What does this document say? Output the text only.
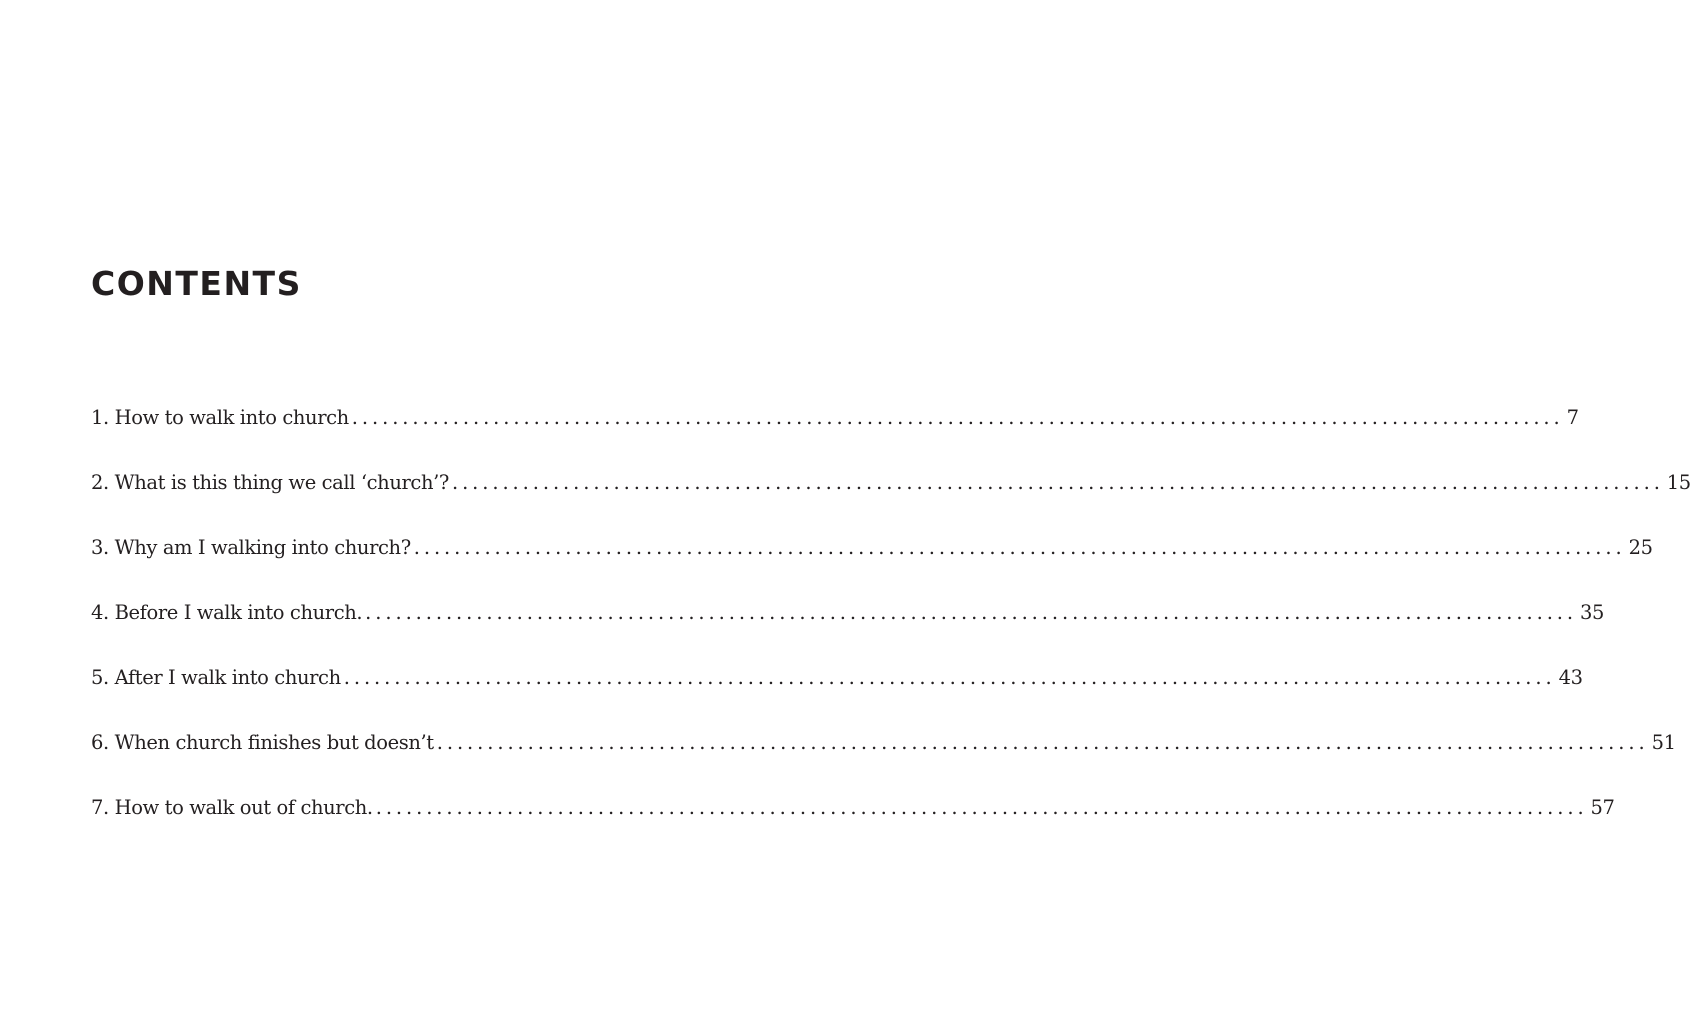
CONTENTS
1. How to walk into church ........................................................................................................................ 7
2. What is this thing we call ‘church’? ........................................................................................................................ 15
3. Why am I walking into church? ........................................................................................................................ 25
4. Before I walk into church. ........................................................................................................................ 35
5. After I walk into church ........................................................................................................................ 43
6. When church finishes but doesn’t ........................................................................................................................ 51
7. How to walk out of church. ........................................................................................................................ 57
